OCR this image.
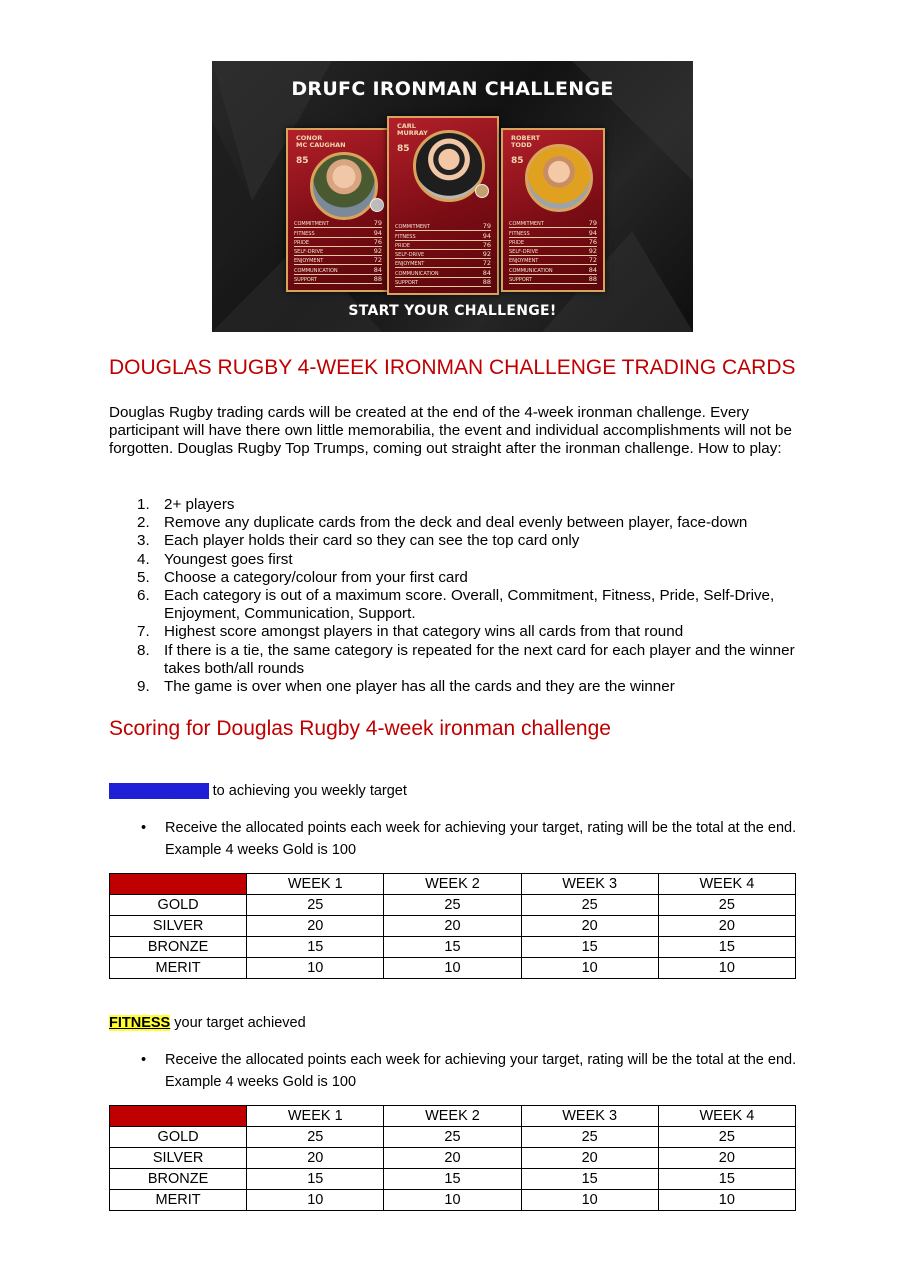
DRUFC IRONMAN CHALLENGE
CONOR
MC CAUGHAN
85
COMMITMENT	79
FITNESS	94
PRIDE	76
SELF-DRIVE	92
ENJOYMENT	72
COMMUNICATION	84
SUPPORT	88
CARL
MURRAY
85
COMMITMENT	79
FITNESS	94
PRIDE	76
SELF-DRIVE	92
ENJOYMENT	72
COMMUNICATION	84
SUPPORT	88
ROBERT
TODD
85
COMMITMENT	79
FITNESS	94
PRIDE	76
SELF-DRIVE	92
ENJOYMENT	72
COMMUNICATION	84
SUPPORT	88
START YOUR CHALLENGE!
DOUGLAS RUGBY 4-WEEK IRONMAN CHALLENGE TRADING CARDS
Douglas Rugby trading cards will be created at the end of the 4-week ironman challenge. Every participant will have there own little memorabilia, the event and individual accomplishments will not be forgotten. Douglas Rugby Top Trumps, coming out straight after the ironman challenge. How to play:
1. 2+ players
2. Remove any duplicate cards from the deck and deal evenly between player, face-down
3. Each player holds their card so they can see the top card only
4. Youngest goes first
5. Choose a category/colour from your first card
6. Each category is out of a maximum score. Overall, Commitment, Fitness, Pride, Self-Drive, Enjoyment, Communication, Support.
7. Highest score amongst players in that category wins all cards from that round
8. If there is a tie, the same category is repeated for the next card for each player and the winner takes both/all rounds
9. The game is over when one player has all the cards and they are the winner
Scoring for Douglas Rugby 4-week ironman challenge
COMMITMENT to achieving you weekly target
•	Receive the allocated points each week for achieving your target, rating will be the total at the end. Example 4 weeks Gold is 100
	WEEK 1	WEEK 2	WEEK 3	WEEK 4
GOLD	25	25	25	25
SILVER	20	20	20	20
BRONZE	15	15	15	15
MERIT	10	10	10	10
FITNESS your target achieved
•	Receive the allocated points each week for achieving your target, rating will be the total at the end. Example 4 weeks Gold is 100
	WEEK 1	WEEK 2	WEEK 3	WEEK 4
GOLD	25	25	25	25
SILVER	20	20	20	20
BRONZE	15	15	15	15
MERIT	10	10	10	10
